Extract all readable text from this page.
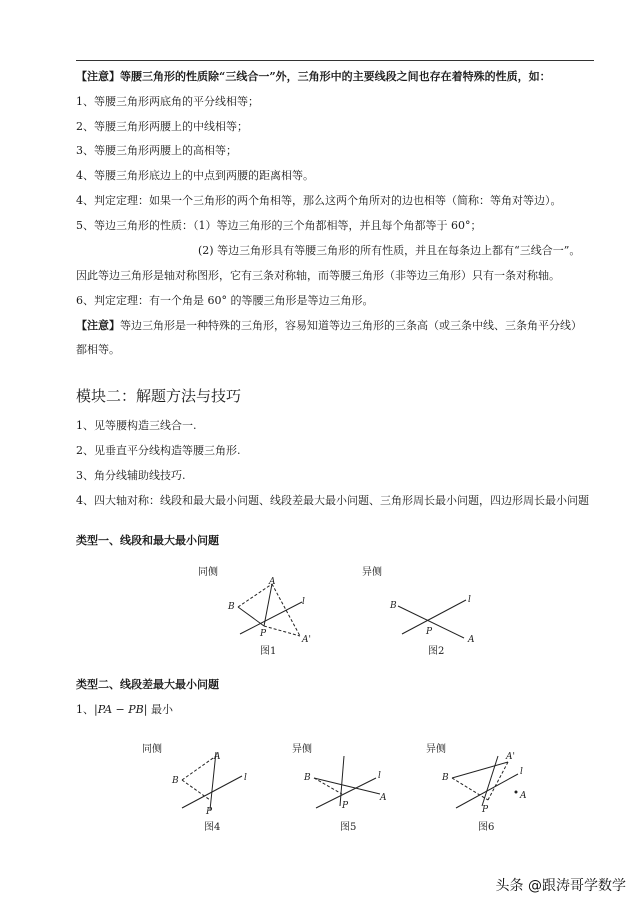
【注意】等腰三角形的性质除“三线合一”外，三角形中的主要线段之间也存在着特殊的性质，如：
1、等腰三角形两底角的平分线相等；
2、等腰三角形两腰上的中线相等；
3、等腰三角形两腰上的高相等；
4、等腰三角形底边上的中点到两腰的距离相等。
4、判定定理：如果一个三角形的两个角相等，那么这两个角所对的边也相等（简称：等角对等边）。
5、等边三角形的性质：（1）等边三角形的三个角都相等，并且每个角都等于 60°；
(2) 等边三角形具有等腰三角形的所有性质，并且在每条边上都有“三线合一”。
因此等边三角形是轴对称图形，它有三条对称轴，而等腰三角形（非等边三角形）只有一条对称轴。
6、判定定理：有一个角是 60° 的等腰三角形是等边三角形。
【注意】等边三角形是一种特殊的三角形，容易知道等边三角形的三条高（或三条中线、三条角平分线）
都相等。
模块二：解题方法与技巧
1、见等腰构造三线合一.
2、见垂直平分线构造等腰三角形.
3、角分线辅助线技巧.
4、四大轴对称：线段和最大最小问题、线段差最大最小问题、三角形周长最小问题，四边形周长最小问题
类型一、线段和最大最小问题
同侧
B
A
P
A'
l
图1
异侧
B
A
P
l
图2
类型二、线段差最大最小问题
1、|PA − PB| 最小
同侧
B
A
P
l
图4
异侧
B
A
P
l
图5
异侧
A'
B
A
P
l
图6
头条 @跟涛哥学数学
